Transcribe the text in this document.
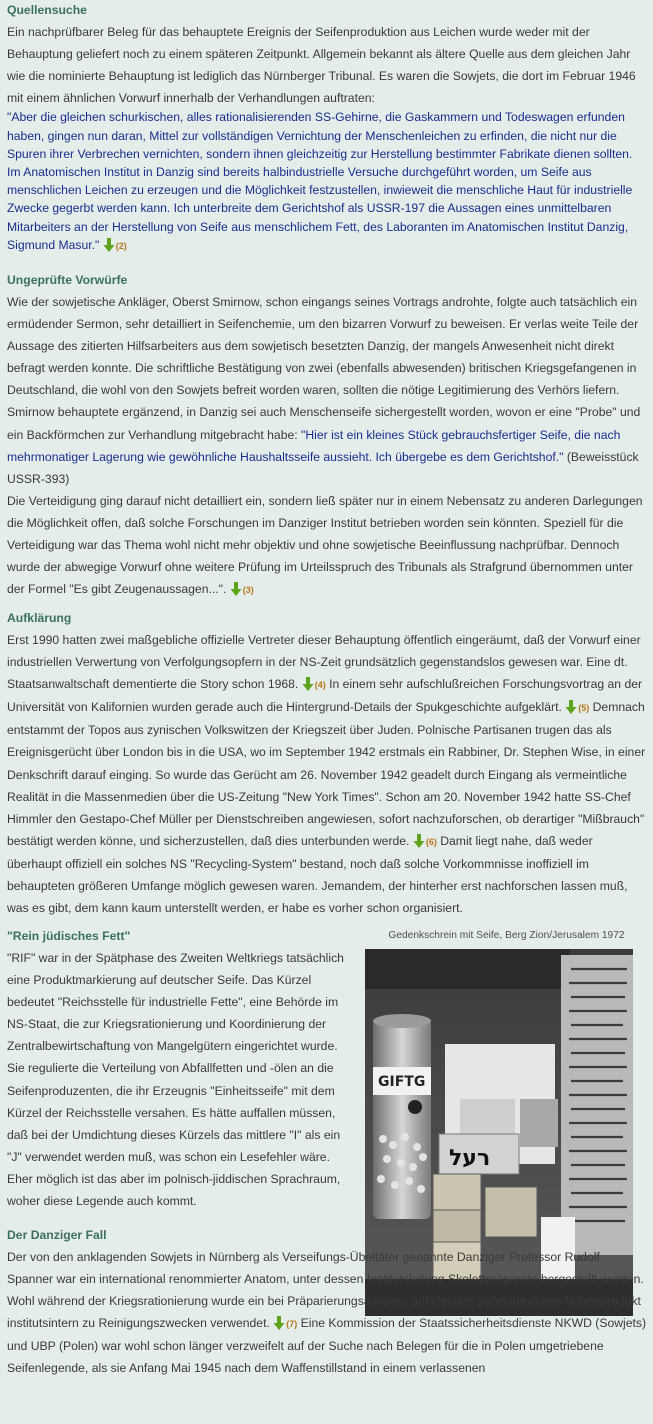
Quellensuche

Ein nachprüfbarer Beleg für das behauptete Ereignis der Seifenproduktion aus Leichen wurde weder mit der Behauptung geliefert noch zu einem späteren Zeitpunkt. Allgemein bekannt als ältere Quelle aus dem gleichen Jahr wie die nominierte Behauptung ist lediglich das Nürnberger Tribunal. Es waren die Sowjets, die dort im Februar 1946 mit einem ähnlichen Vorwurf innerhalb der Verhandlungen auftraten:

"Aber die gleichen schurkischen, alles rationalisierenden SS-Gehirne, die Gaskammern und Todeswagen erfunden haben, gingen nun daran, Mittel zur vollständigen Vernichtung der Menschenleichen zu erfinden, die nicht nur die Spuren ihrer Verbrechen vernichten, sondern ihnen gleichzeitig zur Herstellung bestimmter Fabrikate dienen sollten. Im Anatomischen Institut in Danzig sind bereits halbindustrielle Versuche durchgeführt worden, um Seife aus menschlichen Leichen zu erzeugen und die Möglichkeit festzustellen, inwieweit die menschliche Haut für industrielle Zwecke gegerbt werden kann. Ich unterbreite dem Gerichtshof als USSR-197 die Aussagen eines unmittelbaren Mitarbeiters an der Herstellung von Seife aus menschlichem Fett, des Laboranten im Anatomischen Institut Danzig, Sigmund Masur." (2)

Ungeprüfte Vorwürfe

Wie der sowjetische Ankläger, Oberst Smirnow, schon eingangs seines Vortrags androhte, folgte auch tatsächlich ein ermüdender Sermon, sehr detailliert in Seifenchemie, um den bizarren Vorwurf zu beweisen. Er verlas weite Teile der Aussage des zitierten Hilfsarbeiters aus dem sowjetisch besetzten Danzig, der mangels Anwesenheit nicht direkt befragt werden konnte. Die schriftliche Bestätigung von zwei (ebenfalls abwesenden) britischen Kriegsgefangenen in Deutschland, die wohl von den Sowjets befreit worden waren, sollten die nötige Legitimierung des Verhörs liefern. Smirnow behauptete ergänzend, in Danzig sei auch Menschenseife sichergestellt worden, wovon er eine "Probe" und ein Backförmchen zur Verhandlung mitgebracht habe: "Hier ist ein kleines Stück gebrauchsfertiger Seife, die nach mehrmonatiger Lagerung wie gewöhnliche Haushaltsseife aussieht. Ich übergebe es dem Gerichtshof." (Beweisstück USSR-393)

Die Verteidigung ging darauf nicht detailliert ein, sondern ließ später nur in einem Nebensatz zu anderen Darlegungen die Möglichkeit offen, daß solche Forschungen im Danziger Institut betrieben worden sein könnten. Speziell für die Verteidigung war das Thema wohl nicht mehr objektiv und ohne sowjetische Beeinflussung nachprüfbar. Dennoch wurde der abwegige Vorwurf ohne weitere Prüfung im Urteilsspruch des Tribunals als Strafgrund übernommen unter der Formel "Es gibt Zeugenaussagen...". (3)

Aufklärung

Erst 1990 hatten zwei maßgebliche offizielle Vertreter dieser Behauptung öffentlich eingeräumt, daß der Vorwurf einer industriellen Verwertung von Verfolgungsopfern in der NS-Zeit grundsätzlich gegenstandslos gewesen war. Eine dt. Staatsanwaltschaft dementierte die Story schon 1968. (4) In einem sehr aufschlußreichen Forschungsvortrag an der Universität von Kalifornien wurden gerade auch die Hintergrund-Details der Spukgeschichte aufgeklärt. (5) Demnach entstammt der Topos aus zynischen Volkswitzen der Kriegszeit über Juden. Polnische Partisanen trugen das als Ereignisgerücht über London bis in die USA, wo im September 1942 erstmals ein Rabbiner, Dr. Stephen Wise, in einer Denkschrift darauf einging. So wurde das Gerücht am 26. November 1942 geadelt durch Eingang als vermeintliche Realität in die Massenmedien über die US-Zeitung "New York Times". Schon am 20. November 1942 hatte SS-Chef Himmler den Gestapo-Chef Müller per Dienstschreiben angewiesen, sofort nachzuforschen, ob derartiger "Mißbrauch" bestätigt werden könne, und sicherzustellen, daß dies unterbunden werde. (6) Damit liegt nahe, daß weder überhaupt offiziell ein solches NS "Recycling-System" bestand, noch daß solche Vorkommnisse inoffiziell im behaupteten größeren Umfange möglich gewesen waren. Jemandem, der hinterher erst nachforschen lassen muß, was es gibt, dem kann kaum unterstellt werden, er habe es vorher schon organisiert.

Gedenkschrein mit Seife, Berg Zion/Jerusalem 1972
GIFTG
רעל
"Rein jüdisches Fett"

"RIF" war in der Spätphase des Zweiten Weltkriegs tatsächlich eine Produktmarkierung auf deutscher Seife. Das Kürzel bedeutet "Reichsstelle für industrielle Fette", eine Behörde im NS-Staat, die zur Kriegsrationierung und Koordinierung der Zentralbewirtschaftung von Mangelgütern eingerichtet wurde. Sie regulierte die Verteilung von Abfallfetten und -ölen an die Seifenproduzenten, die ihr Erzeugnis "Einheitsseife" mit dem Kürzel der Reichsstelle versahen. Es hätte auffallen müssen, daß bei der Umdichtung dieses Kürzels das mittlere "I" als ein "J" verwendet werden muß, was schon ein Lesefehler wäre. Eher möglich ist das aber im polnisch-jiddischen Sprachraum, woher diese Legende auch kommt.

Der Danziger Fall

Der von den anklagenden Sowjets in Nürnberg als Verseifungs-Übeltäter genannte Danziger Professor Rudolf Spanner war ein international renommierter Anatom, unter dessen Institutsleitung Skelettpräparate hergestellt wurden. Wohl während der Kriegsrationierung wurde ein bei Präparierungsarbeiten anfallendes seifenähnliches Nebenprodukt institutsintern zu Reinigungszwecken verwendet. (7) Eine Kommission der Staatssicherheitsdienste NKWD (Sowjets) und UBP (Polen) war wohl schon länger verzweifelt auf der Suche nach Belegen für die in Polen umgetriebene Seifenlegende, als sie Anfang Mai 1945 nach dem Waffenstillstand in einem verlassenen
